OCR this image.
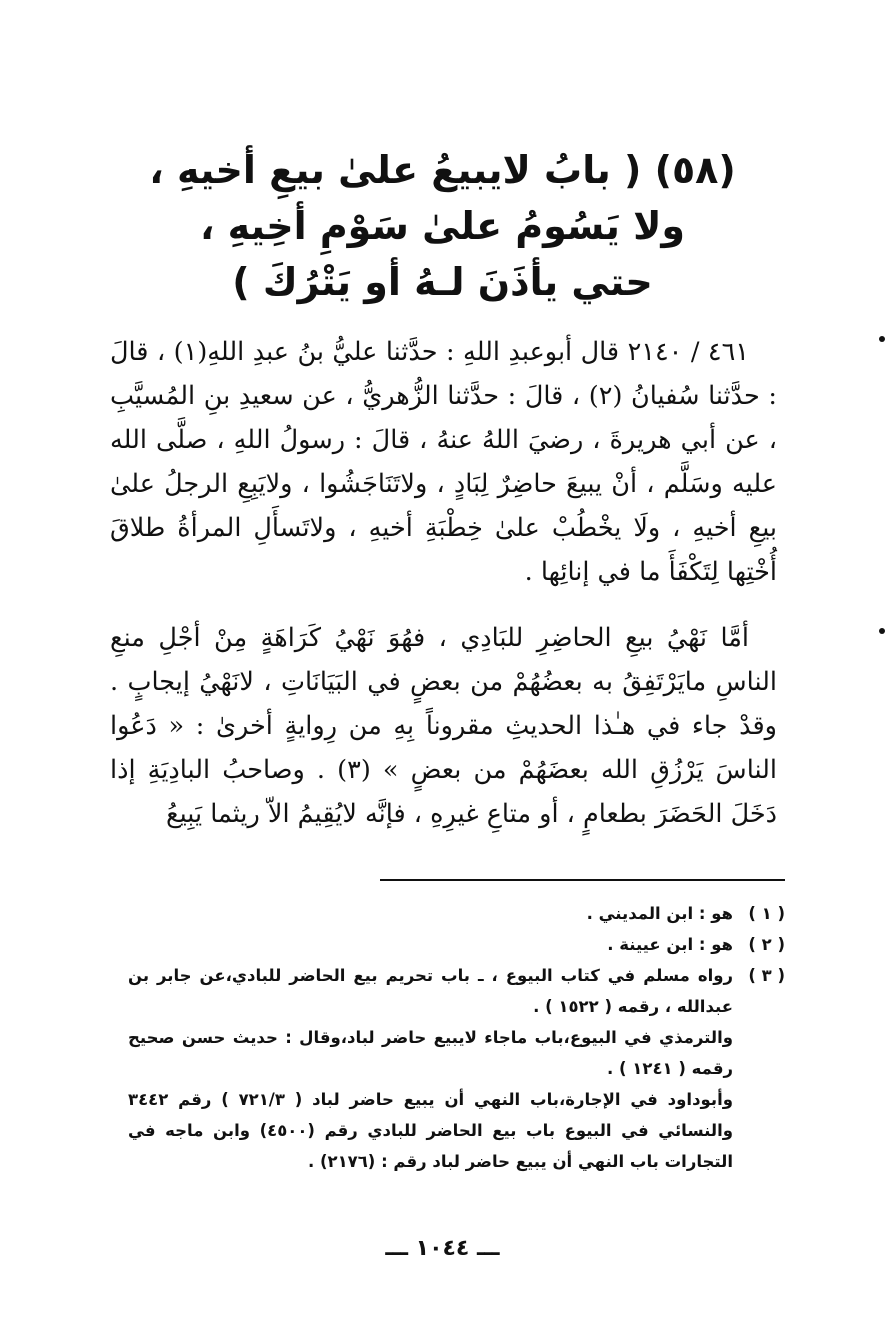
(٥٨) ( بابُ لايبيعُ علىٰ بيعِ أخيهِ ،
ولا يَسُومُ علىٰ سَوْمِ أخِيهِ ،
حتي يأذَنَ لـهُ أو يَتْرُكَ )

٤٦١ / ٢١٤٠ قال أبوعبدِ اللهِ : حدَّثنا عليُّ بنُ عبدِ اللهِ(١) ، قالَ : حدَّثنا سُفيانُ (٢) ، قالَ : حدَّثنا الزُّهريُّ ، عن سعيدِ بنِ المُسيَّبِ ، عن أبي هريرةَ ، رضيَ اللهُ عنهُ ، قالَ : رسولُ اللهِ ، صلَّى الله عليه وسَلَّم ، أنْ يبيعَ حاضِرٌ لِبَادٍ ، ولاتَنَاجَشُوا ، ولايَبِعِ الرجلُ علىٰ بيعِ أخيهِ ، ولَا يخْطُبْ علىٰ خِطْبَةِ أخيهِ ، ولاتَسأَلِ المرأةُ طلاقَ أُخْتِها لِتَكْفَأَ ما في إنائِها .

أمَّا نَهْيُ بيعِ الحاضِرِ للبَادِي ، فهُوَ نَهْيُ كَرَاهَةٍ مِنْ أجْلِ منعِ الناسِ مايَرْتَفِقُ به بعضُهُمْ من بعضٍ في البَيَانَاتِ ، لانَهْيُ إيجابٍ . وقدْ جاء في هـٰذا الحديثِ مقروناً بِهِ من رِوايةٍ أخرىٰ : « دَعُوا الناسَ يَرْزُقِ الله بعضَهُمْ من بعضٍ » (٣) . وصاحبُ البادِيَةِ إذا دَخَلَ الحَضَرَ بطعامٍ ، أو متاعِ غيرِهِ ، فإنَّه لايُقِيمُ الاّ ريثما يَبِيعُ

( ١ )
هو : ابن المديني .
( ٢ )
هو : ابن عيينة .
( ٣ )
رواه مسلم في كتاب البيوع ، ـ باب تحريم بيع الحاضر للبادي،عن جابر بن عبدالله ، رقمه ( ١٥٢٢ ) .
والترمذي في البيوع،باب ماجاء لايبيع حاضر لباد،وقال : حديث حسن صحيح رقمه ( ١٢٤١ ) .
وأبوداود في الإجارة،باب النهي أن يبيع حاضر لباد ( ٧٢١/٣ ) رقم ٣٤٤٢ والنسائي في البيوع باب بيع الحاضر للبادي رقم (٤٥٠٠) وابن ماجه في التجارات باب النهي أن يبيع حاضر لباد رقم : (٢١٧٦) .
ـــ ١٠٤٤ ـــ
